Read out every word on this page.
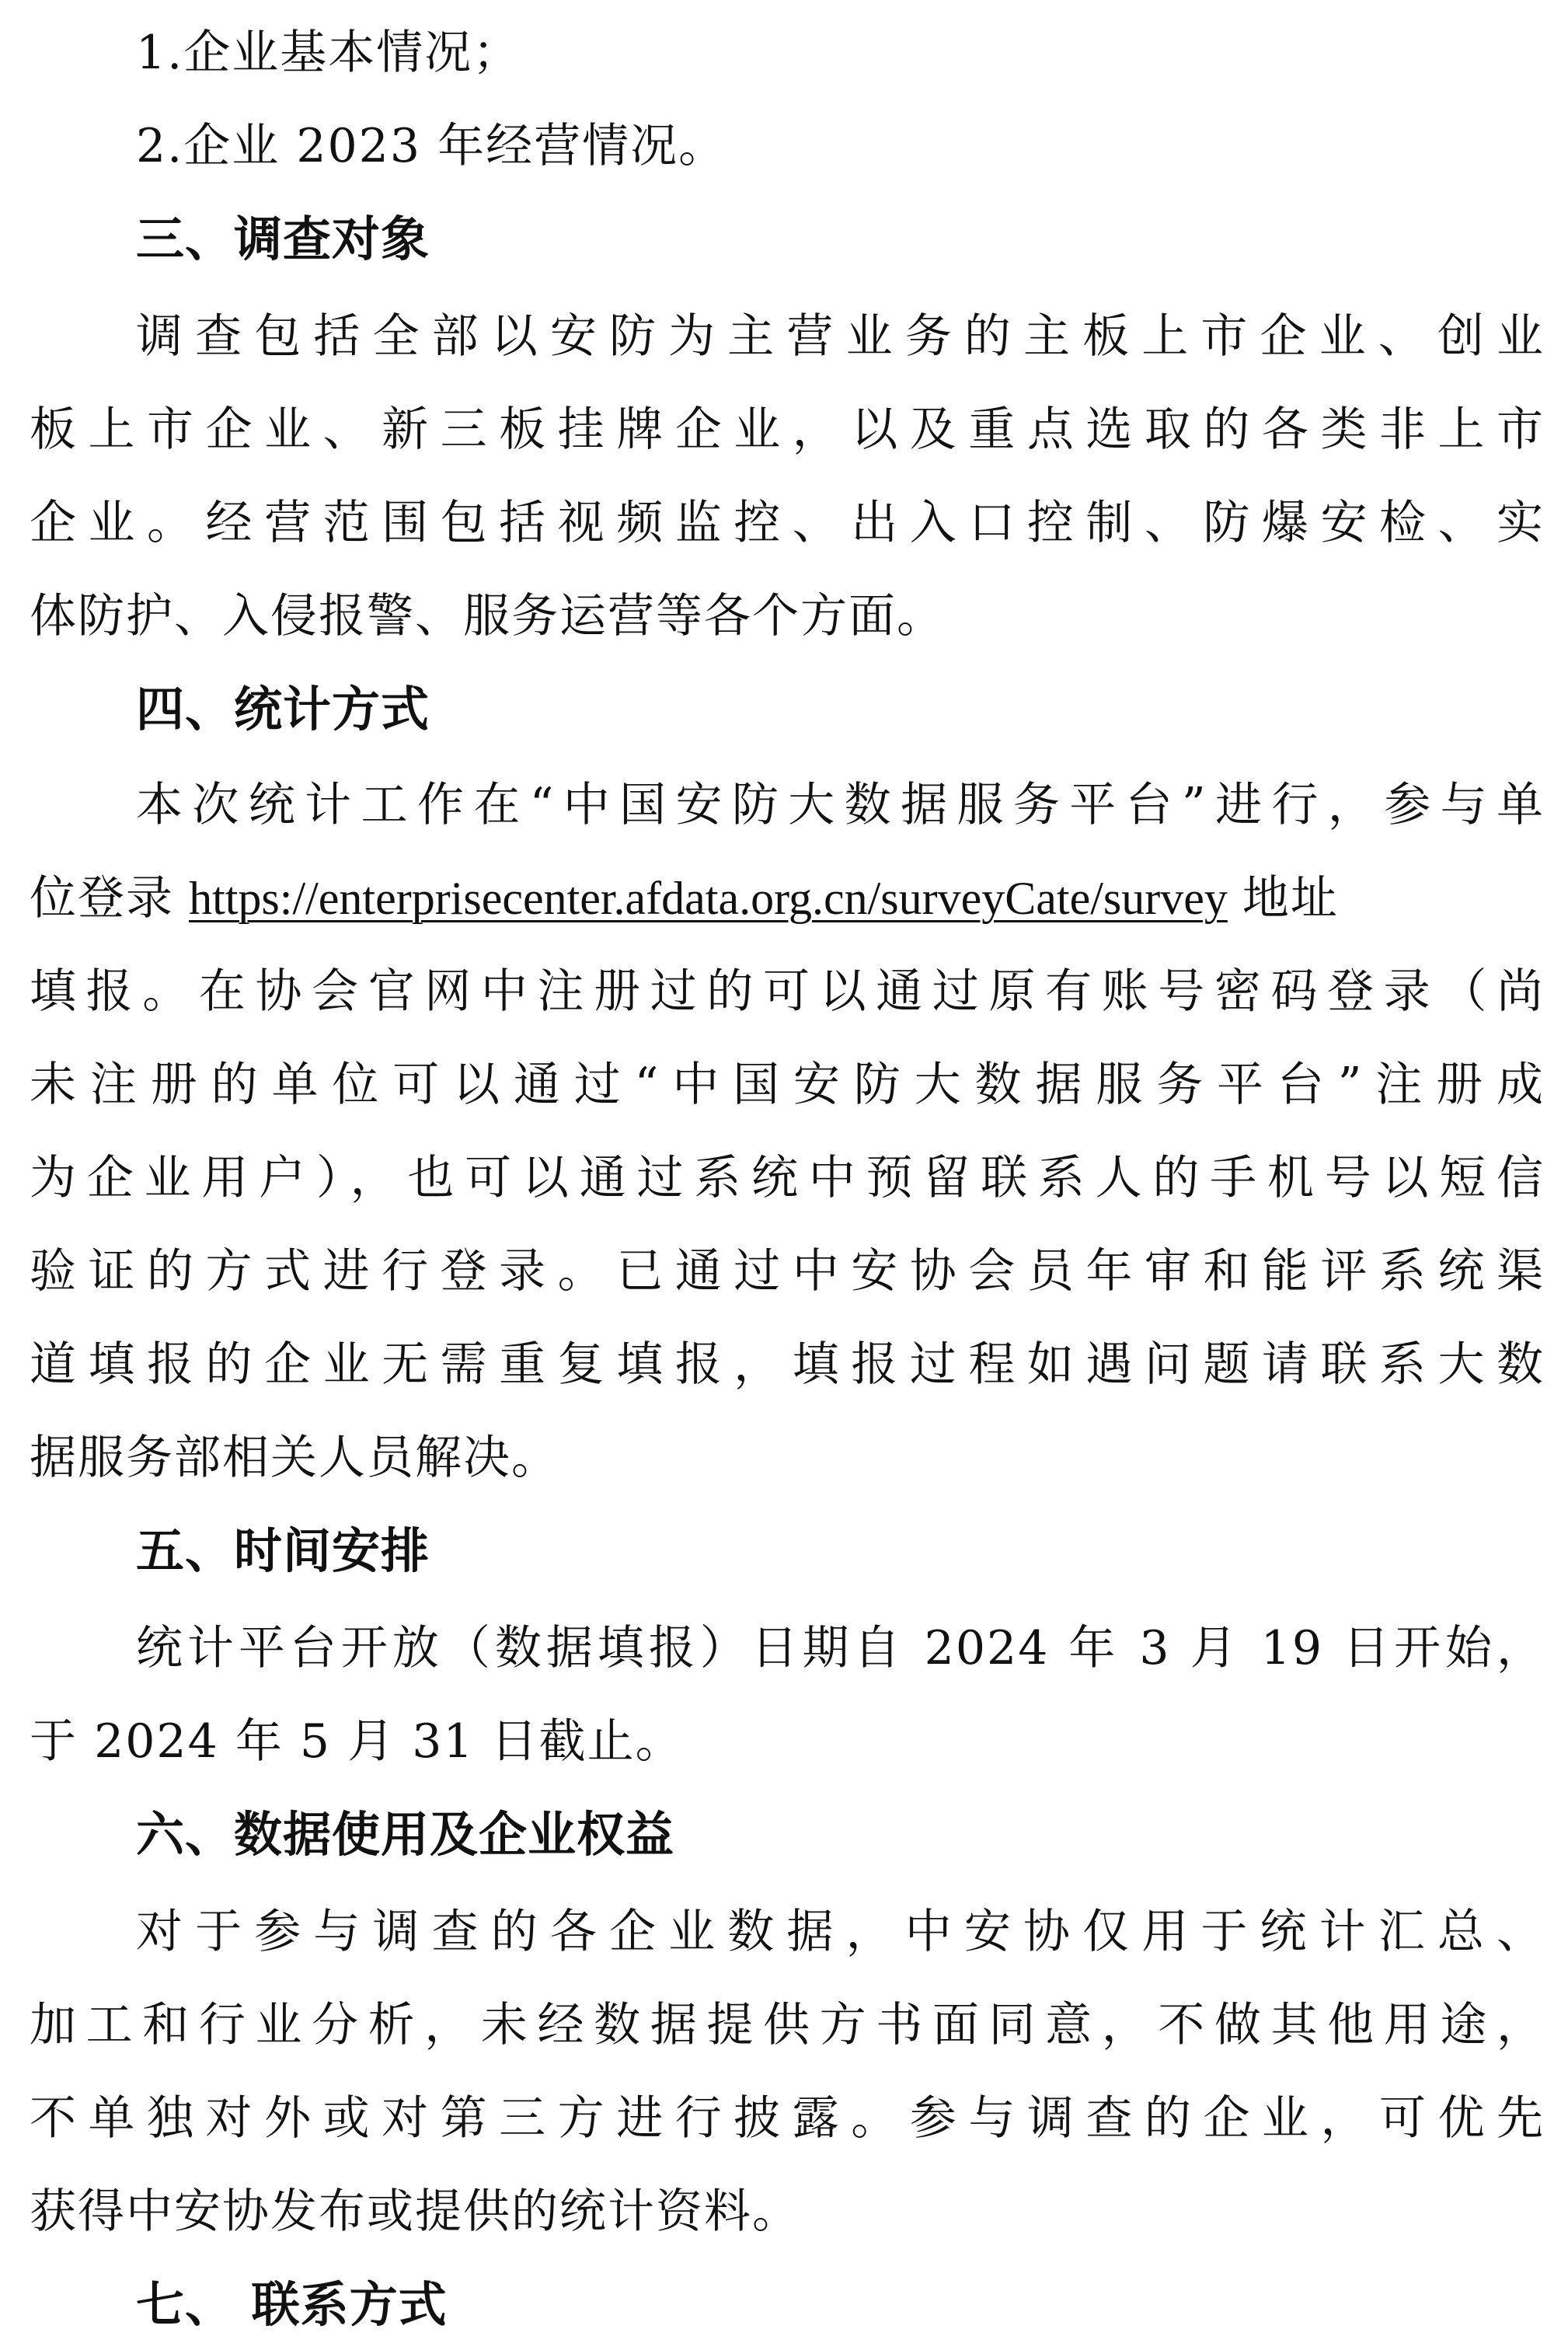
1.企业基本情况；
2.企业 2023 年经营情况。
三、调查对象
调查包括全部以安防为主营业务的主板上市企业、创业
板上市企业、新三板挂牌企业，以及重点选取的各类非上市
企业。经营范围包括视频监控、出入口控制、防爆安检、实
体防护、入侵报警、服务运营等各个方面。
四、统计方式
本次统计工作在“中国安防大数据服务平台”进行，参与单
位登录 https://enterprisecenter.afdata.org.cn/surveyCate/survey 地址
填报。在协会官网中注册过的可以通过原有账号密码登录（尚
未注册的单位可以通过“中国安防大数据服务平台”注册成
为企业用户），也可以通过系统中预留联系人的手机号以短信
验证的方式进行登录。已通过中安协会员年审和能评系统渠
道填报的企业无需重复填报，填报过程如遇问题请联系大数
据服务部相关人员解决。
五、时间安排
统计平台开放（数据填报）日期自 2024 年 3 月 19 日开始，
于 2024 年 5 月 31 日截止。
六、数据使用及企业权益
对于参与调查的各企业数据，中安协仅用于统计汇总、
加工和行业分析，未经数据提供方书面同意，不做其他用途，
不单独对外或对第三方进行披露。参与调查的企业，可优先
获得中安协发布或提供的统计资料。
七、 联系方式
